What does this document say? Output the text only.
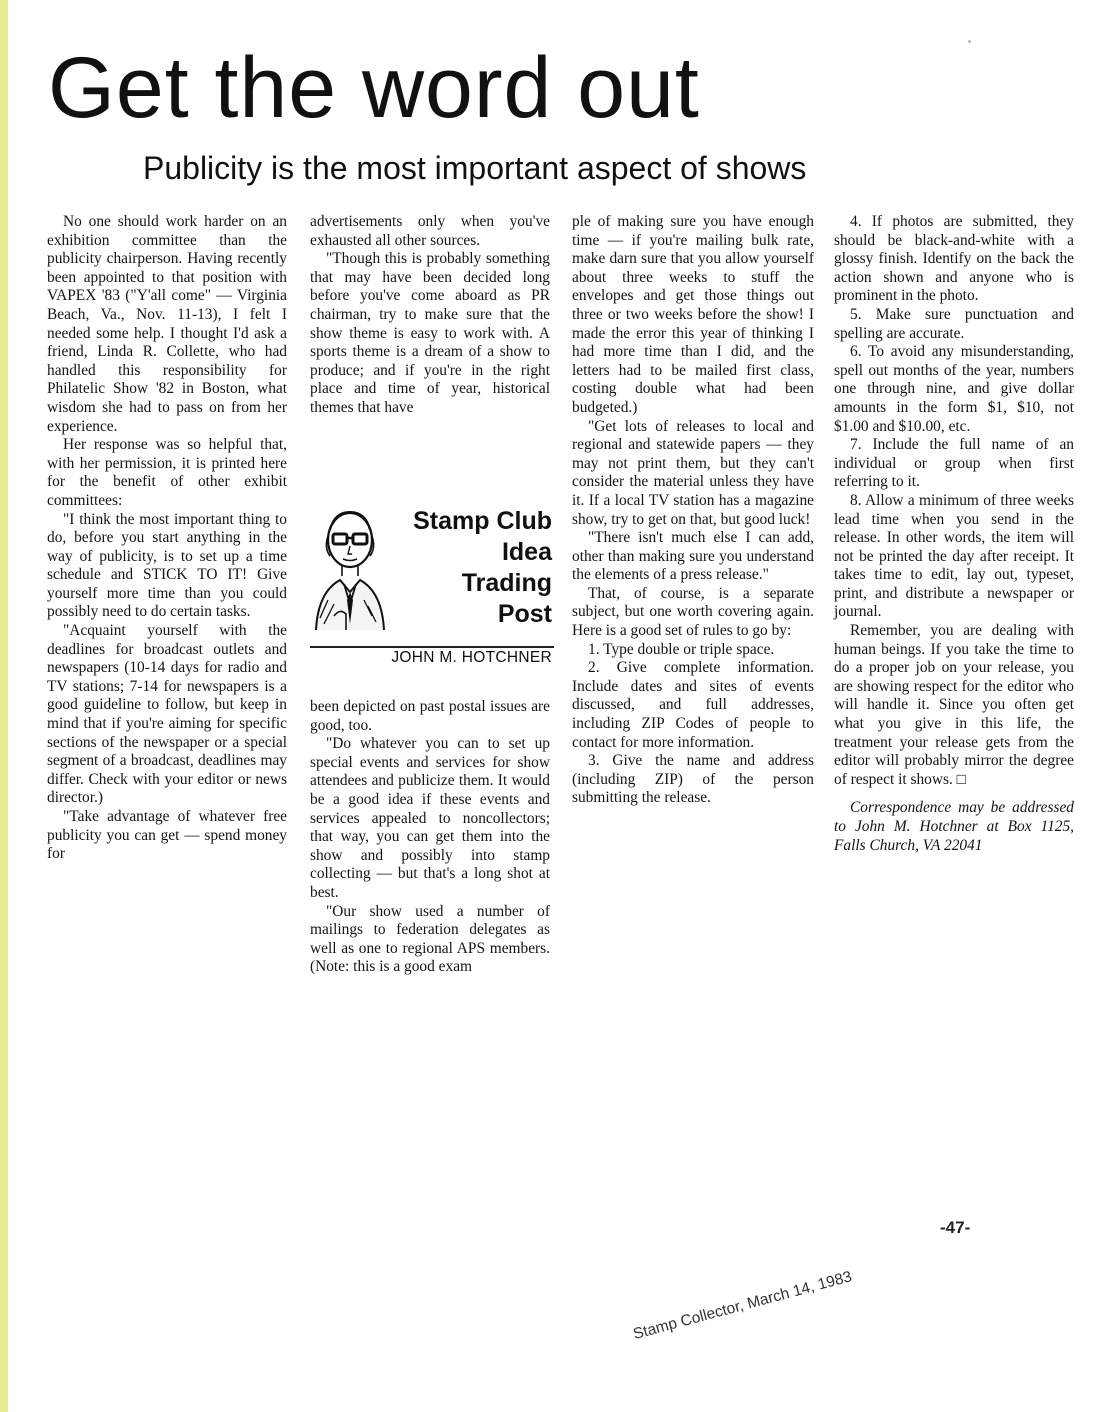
Get the word out
Publicity is the most important aspect of shows

No one should work harder on an exhibition committee than the publicity chairperson. Having recently been appointed to that position with VAPEX '83 ("Y'all come" — Virginia Beach, Va., Nov. 11-13), I felt I needed some help. I thought I'd ask a friend, Linda R. Collette, who had handled this responsibility for Philatelic Show '82 in Boston, what wisdom she had to pass on from her experience.

Her response was so helpful that, with her permission, it is printed here for the benefit of other exhibit committees:

"I think the most important thing to do, before you start anything in the way of publicity, is to set up a time schedule and STICK TO IT! Give yourself more time than you could possibly need to do certain tasks.

"Acquaint yourself with the deadlines for broadcast outlets and newspapers (10-14 days for radio and TV stations; 7-14 for newspapers is a good guideline to follow, but keep in mind that if you're aiming for specific sections of the newspaper or a special segment of a broadcast, deadlines may differ. Check with your editor or news director.)

"Take advantage of whatever free publicity you can get — spend money for

advertisements only when you've exhausted all other sources.

"Though this is probably something that may have been decided long before you've come aboard as PR chairman, try to make sure that the show theme is easy to work with. A sports theme is a dream of a show to produce; and if you're in the right place and time of year, historical themes that have

Stamp Club
Idea
Trading
Post

JOHN M. HOTCHNER

been depicted on past postal issues are good, too.

"Do whatever you can to set up special events and services for show attendees and publicize them. It would be a good idea if these events and services appealed to noncollectors; that way, you can get them into the show and possibly into stamp collecting — but that's a long shot at best.

"Our show used a number of mailings to federation delegates as well as one to regional APS members. (Note: this is a good exam

ple of making sure you have enough time — if you're mailing bulk rate, make darn sure that you allow yourself about three weeks to stuff the envelopes and get those things out three or two weeks before the show! I made the error this year of thinking I had more time than I did, and the letters had to be mailed first class, costing double what had been budgeted.)

"Get lots of releases to local and regional and statewide papers — they may not print them, but they can't consider the material unless they have it. If a local TV station has a magazine show, try to get on that, but good luck!

"There isn't much else I can add, other than making sure you understand the elements of a press release."

That, of course, is a separate subject, but one worth covering again. Here is a good set of rules to go by:

1. Type double or triple space.

2. Give complete information. Include dates and sites of events discussed, and full addresses, including ZIP Codes of people to contact for more information.

3. Give the name and address (including ZIP) of the person submitting the release.

4. If photos are submitted, they should be black-and-white with a glossy finish. Identify on the back the action shown and anyone who is prominent in the photo.

5. Make sure punctuation and spelling are accurate.

6. To avoid any misunderstanding, spell out months of the year, numbers one through nine, and give dollar amounts in the form $1, $10, not $1.00 and $10.00, etc.

7. Include the full name of an individual or group when first referring to it.

8. Allow a minimum of three weeks lead time when you send in the release. In other words, the item will not be printed the day after receipt. It takes time to edit, lay out, typeset, print, and distribute a newspaper or journal.

Remember, you are dealing with human beings. If you take the time to do a proper job on your release, you are showing respect for the editor who will handle it. Since you often get what you give in this life, the treatment your release gets from the editor will probably mirror the degree of respect it shows. □

Correspondence may be addressed to John M. Hotchner at Box 1125, Falls Church, VA 22041

-47-
Stamp Collector, March 14, 1983
